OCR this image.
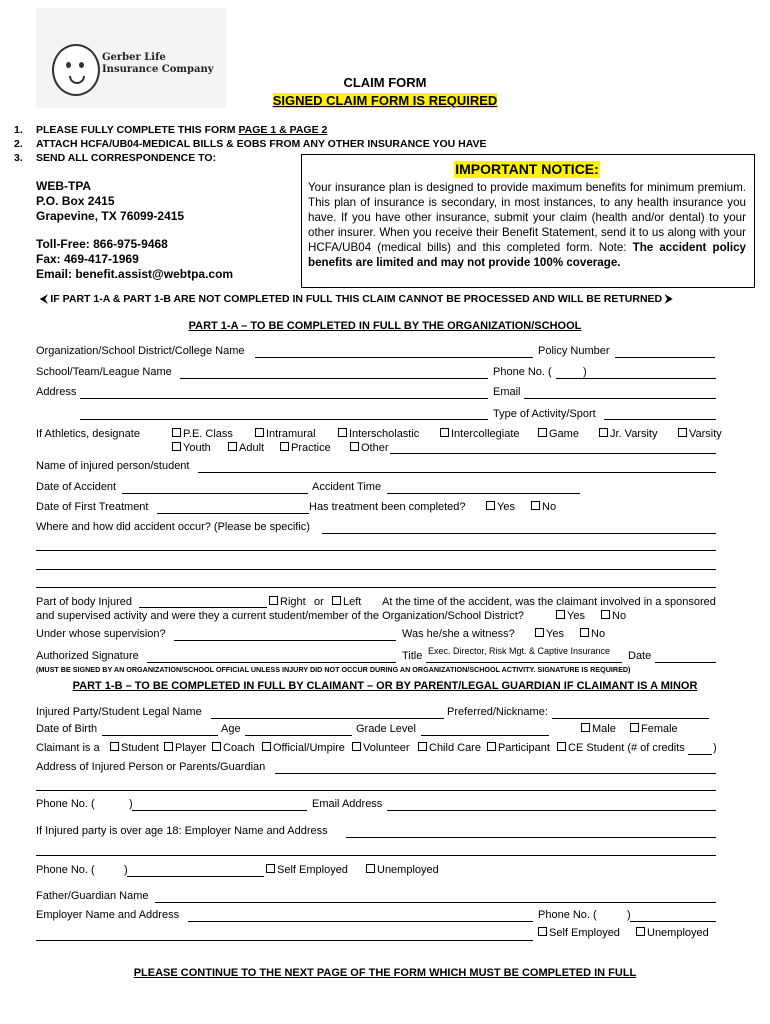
Gerber Life
Insurance Company
CLAIM FORM
SIGNED CLAIM FORM IS REQUIRED
1. PLEASE FULLY COMPLETE THIS FORM PAGE 1 & PAGE 2
2. ATTACH HCFA/UB04-MEDICAL BILLS & EOBS FROM ANY OTHER INSURANCE YOU HAVE
3. SEND ALL CORRESPONDENCE TO:
WEB-TPA
P.O. Box 2415
Grapevine, TX 76099-2415
Toll-Free: 866-975-9468
Fax: 469-417-1969
Email: benefit.assist@webtpa.com
IMPORTANT NOTICE:
Your insurance plan is designed to provide maximum benefits for minimum premium. This plan of insurance is secondary, in most instances, to any health insurance you have. If you have other insurance, submit your claim (health and/or dental) to your other insurer. When you receive their Benefit Statement, send it to us along with your HCFA/UB04 (medical bills) and this completed form. Note: The accident policy benefits are limited and may not provide 100% coverage.
⮜ IF PART 1-A & PART 1-B ARE NOT COMPLETED IN FULL THIS CLAIM CANNOT BE PROCESSED AND WILL BE RETURNED ⮞
PART 1-A – TO BE COMPLETED IN FULL BY THE ORGANIZATION/SCHOOL
Organization/School District/College Name	Policy Number
School/Team/League Name	Phone No. (	)
Address	Email
Type of Activity/Sport
If Athletics, designate	P.E. Class	Intramural	Interscholastic	Intercollegiate	Game	Jr. Varsity	Varsity
Youth	Adult	Practice	Other
Name of injured person/student
Date of Accident	Accident Time
Date of First Treatment	Has treatment been completed?	Yes	No
Where and how did accident occur? (Please be specific)
Part of body Injured	Right or	Left At the time of the accident, was the claimant involved in a sponsored
and supervised activity and were they a current student/member of the Organization/School District?	Yes	No
Under whose supervision?	Was he/she a witness?	Yes	No
Authorized Signature	Title Exec. Director, Risk Mgt. & Captive Insurance Date
(MUST BE SIGNED BY AN ORGANIZATION/SCHOOL OFFICIAL UNLESS INJURY DID NOT OCCUR DURING AN ORGANIZATION/SCHOOL ACTIVITY. SIGNATURE IS REQUIRED)
PART 1-B – TO BE COMPLETED IN FULL BY CLAIMANT – OR BY PARENT/LEGAL GUARDIAN IF CLAIMANT IS A MINOR
Injured Party/Student Legal Name	Preferred/Nickname:
Date of Birth	Age	Grade Level	Male	Female
Claimant is a	Student	Player	Coach	Official/Umpire	Volunteer	Child Care	Participant	CE Student (# of credits	)
Address of Injured Person or Parents/Guardian
Phone No. (	)	Email Address
If Injured party is over age 18: Employer Name and Address
Phone No. (	)	Self Employed	Unemployed
Father/Guardian Name
Employer Name and Address	Phone No. (	)
Self Employed	Unemployed
PLEASE CONTINUE TO THE NEXT PAGE OF THE FORM WHICH MUST BE COMPLETED IN FULL
